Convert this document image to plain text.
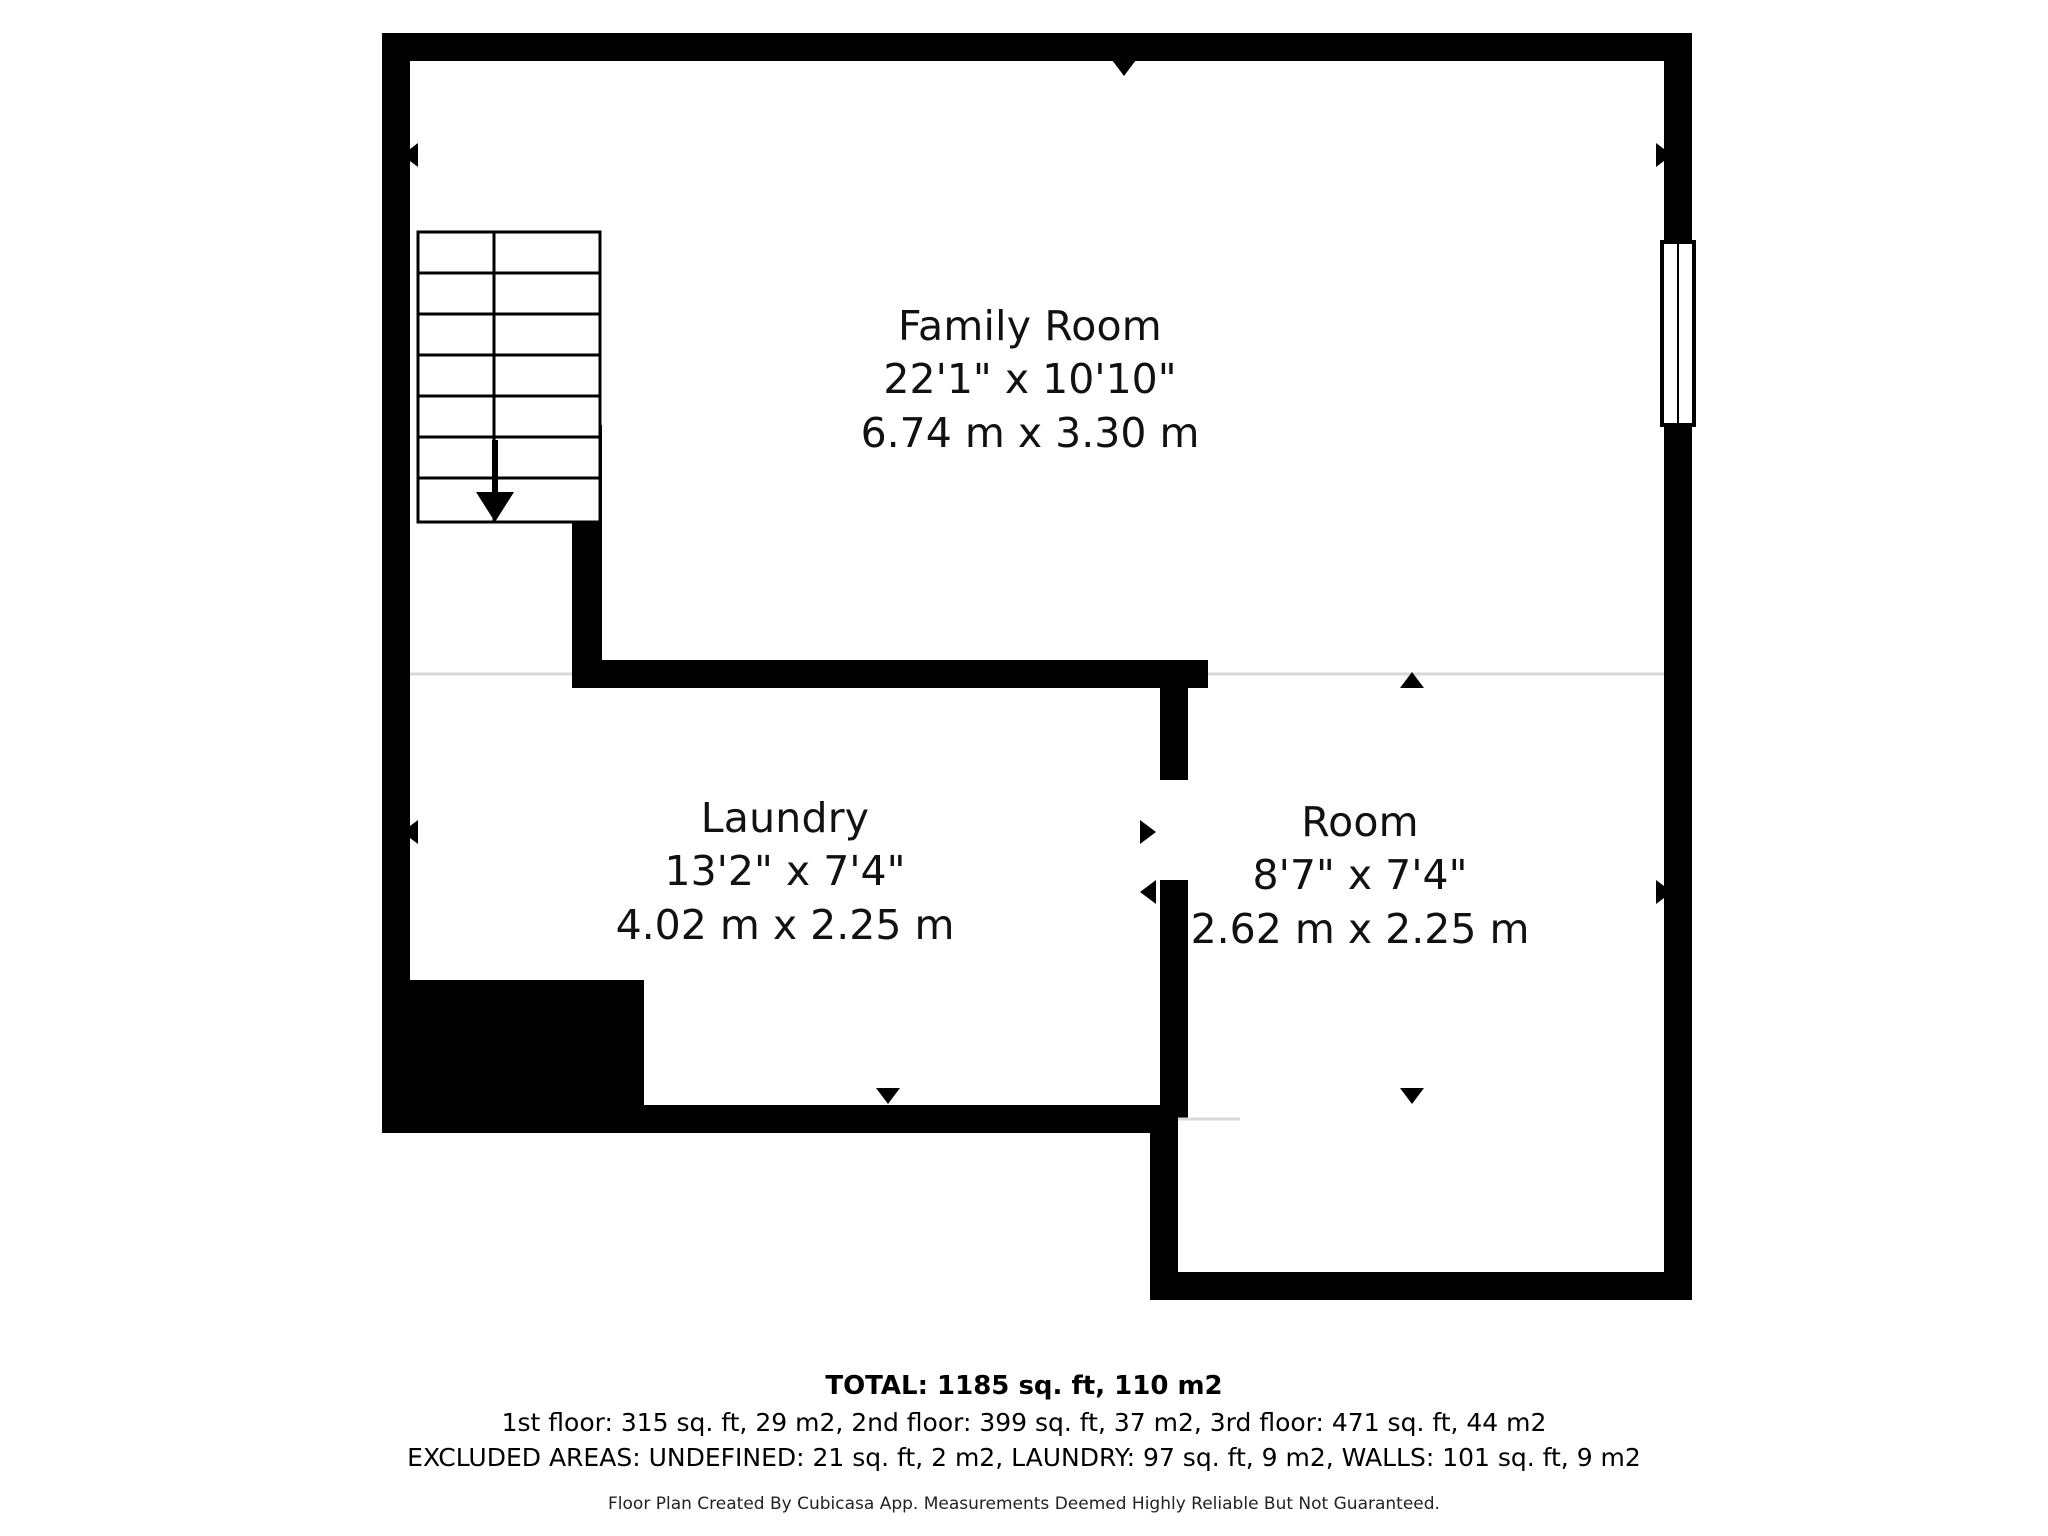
Family Room
22'1" x 10'10"
6.74 m x 3.30 m
Laundry
13'2" x 7'4"
4.02 m x 2.25 m
Room
8'7" x 7'4"
2.62 m x 2.25 m
TOTAL: 1185 sq. ft, 110 m2
1st floor: 315 sq. ft, 29 m2, 2nd floor: 399 sq. ft, 37 m2, 3rd floor: 471 sq. ft, 44 m2
EXCLUDED AREAS: UNDEFINED: 21 sq. ft, 2 m2, LAUNDRY: 97 sq. ft, 9 m2, WALLS: 101 sq. ft, 9 m2
Floor Plan Created By Cubicasa App. Measurements Deemed Highly Reliable But Not Guaranteed.
